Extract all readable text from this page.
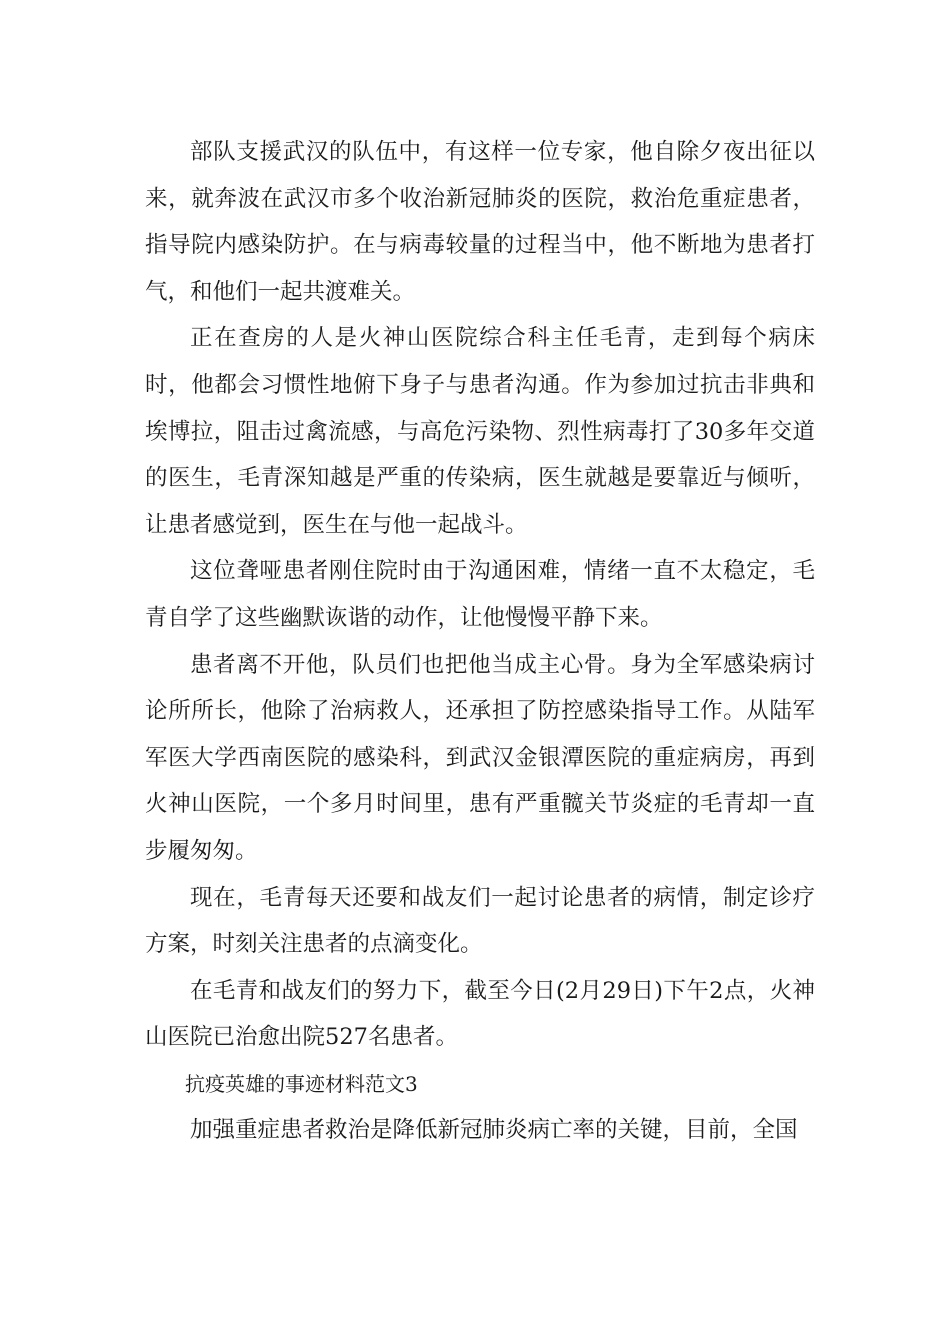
部队支援武汉的队伍中，有这样一位专家，他自除夕夜出征以来，就奔波在武汉市多个收治新冠肺炎的医院，救治危重症患者，指导院内感染防护。在与病毒较量的过程当中，他不断地为患者打气，和他们一起共渡难关。

正在查房的人是火神山医院综合科主任毛青，走到每个病床时，他都会习惯性地俯下身子与患者沟通。作为参加过抗击非典和埃博拉，阻击过禽流感，与高危污染物、烈性病毒打了30多年交道的医生，毛青深知越是严重的传染病，医生就越是要靠近与倾听，让患者感觉到，医生在与他一起战斗。

这位聋哑患者刚住院时由于沟通困难，情绪一直不太稳定，毛青自学了这些幽默诙谐的动作，让他慢慢平静下来。

患者离不开他，队员们也把他当成主心骨。身为全军感染病讨论所所长，他除了治病救人，还承担了防控感染指导工作。从陆军军医大学西南医院的感染科，到武汉金银潭医院的重症病房，再到火神山医院，一个多月时间里，患有严重髋关节炎症的毛青却一直步履匆匆。

现在，毛青每天还要和战友们一起讨论患者的病情，制定诊疗方案，时刻关注患者的点滴变化。

在毛青和战友们的努力下，截至今日(2月29日)下午2点，火神山医院已治愈出院527名患者。

抗疫英雄的事迹材料范文3

加强重症患者救治是降低新冠肺炎病亡率的关键，目前，全国
